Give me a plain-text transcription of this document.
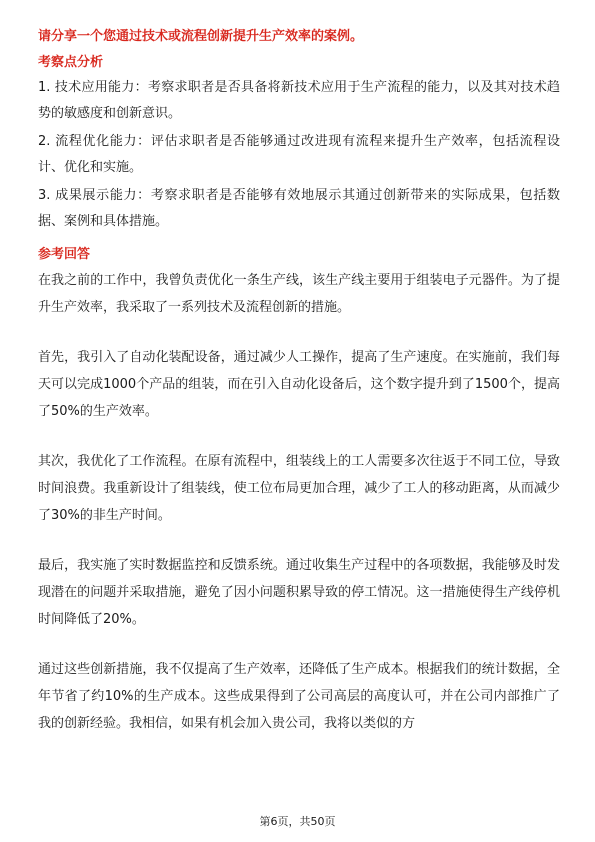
请分享一个您通过技术或流程创新提升生产效率的案例。

考察点分析

1. 技术应用能力：考察求职者是否具备将新技术应用于生产流程的能力，以及其对技术趋势的敏感度和创新意识。

2. 流程优化能力：评估求职者是否能够通过改进现有流程来提升生产效率，包括流程设计、优化和实施。

3. 成果展示能力：考察求职者是否能够有效地展示其通过创新带来的实际成果，包括数据、案例和具体措施。

参考回答

在我之前的工作中，我曾负责优化一条生产线，该生产线主要用于组装电子元器件。为了提升生产效率，我采取了一系列技术及流程创新的措施。

首先，我引入了自动化装配设备，通过减少人工操作，提高了生产速度。在实施前，我们每天可以完成1000个产品的组装，而在引入自动化设备后，这个数字提升到了1500个，提高了50%的生产效率。

其次，我优化了工作流程。在原有流程中，组装线上的工人需要多次往返于不同工位，导致时间浪费。我重新设计了组装线，使工位布局更加合理，减少了工人的移动距离，从而减少了30%的非生产时间。

最后，我实施了实时数据监控和反馈系统。通过收集生产过程中的各项数据，我能够及时发现潜在的问题并采取措施，避免了因小问题积累导致的停工情况。这一措施使得生产线停机时间降低了20%。

通过这些创新措施，我不仅提高了生产效率，还降低了生产成本。根据我们的统计数据，全年节省了约10%的生产成本。这些成果得到了公司高层的高度认可，并在公司内部推广了我的创新经验。我相信，如果有机会加入贵公司，我将以类似的方

第6页，共50页
